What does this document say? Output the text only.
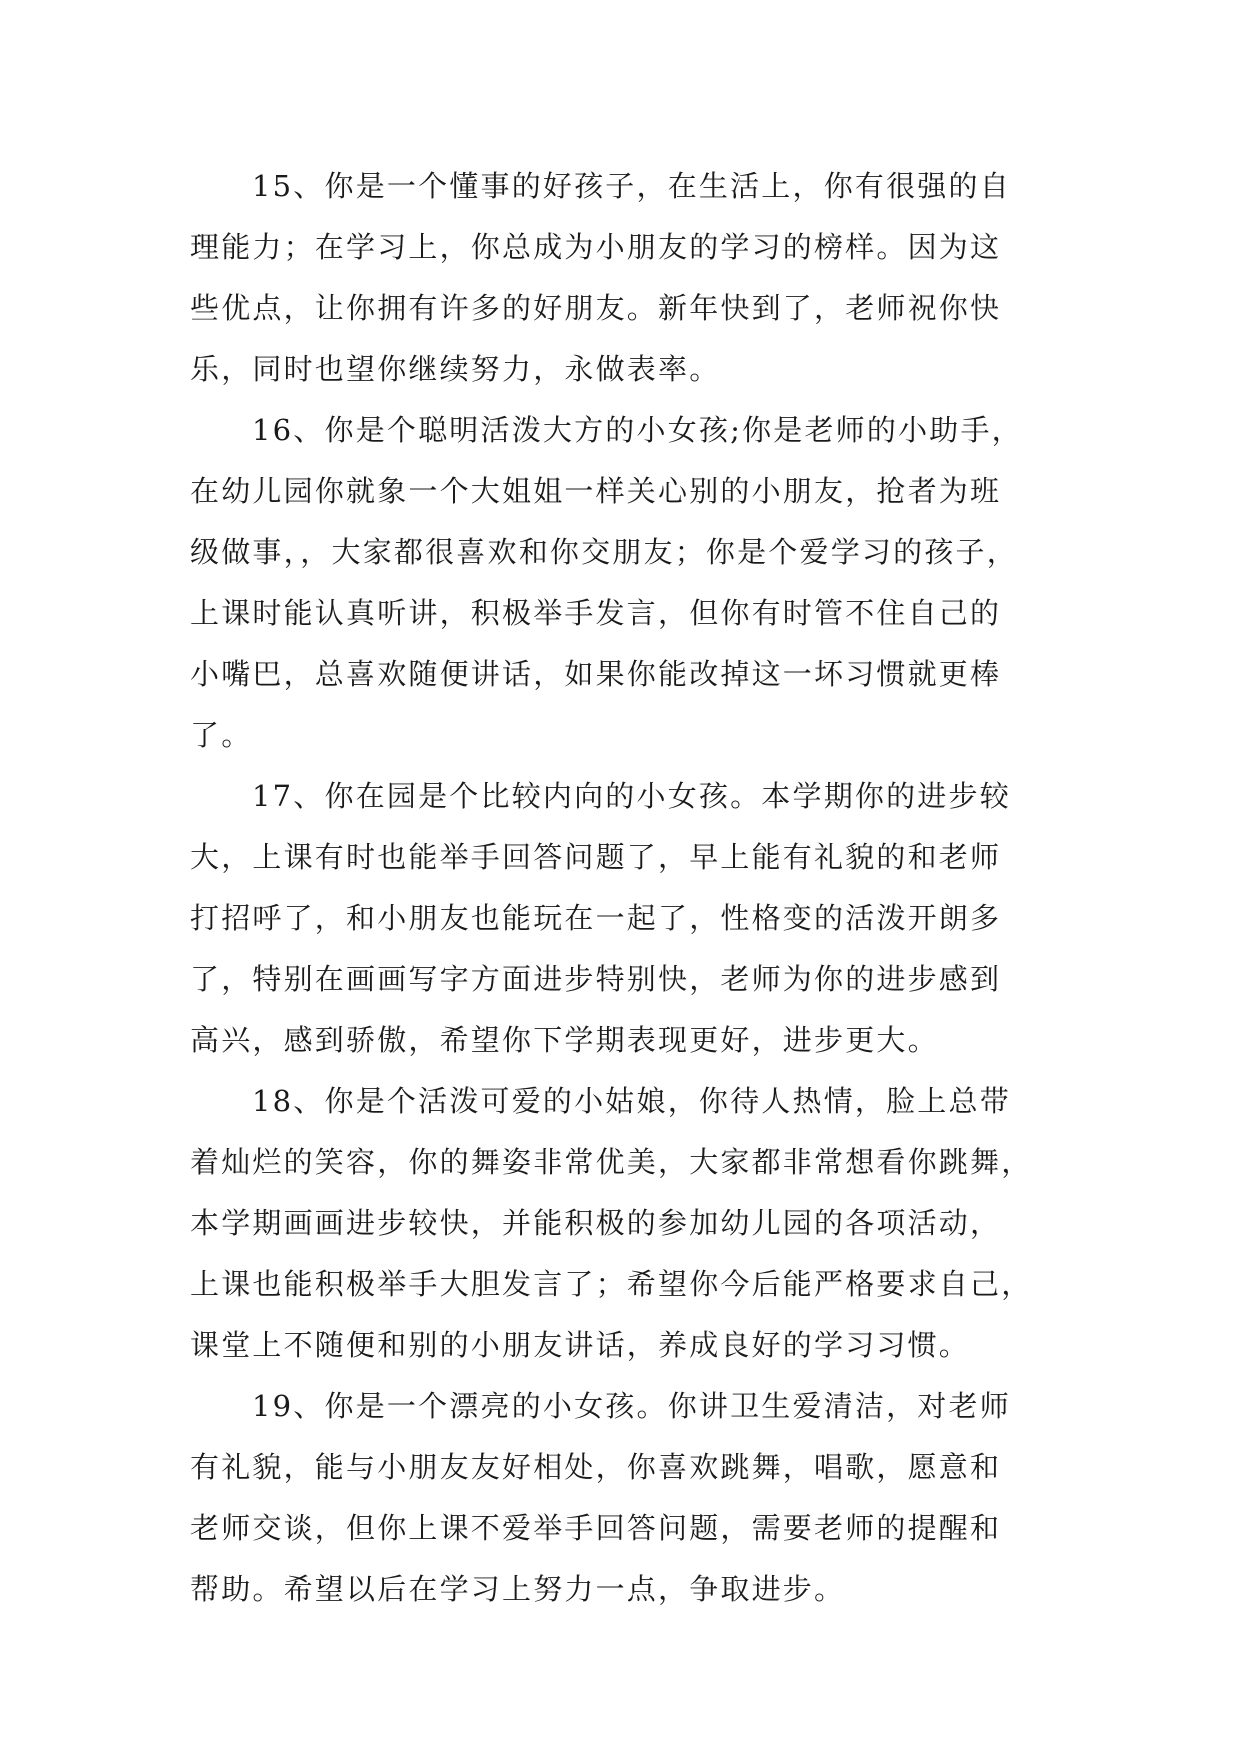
15、你是一个懂事的好孩子，在生活上，你有很强的自
理能力；在学习上，你总成为小朋友的学习的榜样。因为这
些优点，让你拥有许多的好朋友。新年快到了，老师祝你快
乐，同时也望你继续努力，永做表率。
16、你是个聪明活泼大方的小女孩;你是老师的小助手，
在幼儿园你就象一个大姐姐一样关心别的小朋友，抢者为班
级做事，，大家都很喜欢和你交朋友；你是个爱学习的孩子，
上课时能认真听讲，积极举手发言，但你有时管不住自己的
小嘴巴，总喜欢随便讲话，如果你能改掉这一坏习惯就更棒
了。
17、你在园是个比较内向的小女孩。本学期你的进步较
大，上课有时也能举手回答问题了，早上能有礼貌的和老师
打招呼了，和小朋友也能玩在一起了，性格变的活泼开朗多
了，特别在画画写字方面进步特别快，老师为你的进步感到
高兴，感到骄傲，希望你下学期表现更好，进步更大。
18、你是个活泼可爱的小姑娘，你待人热情，脸上总带
着灿烂的笑容，你的舞姿非常优美，大家都非常想看你跳舞，
本学期画画进步较快，并能积极的参加幼儿园的各项活动，
上课也能积极举手大胆发言了；希望你今后能严格要求自己，
课堂上不随便和别的小朋友讲话，养成良好的学习习惯。
19、你是一个漂亮的小女孩。你讲卫生爱清洁，对老师
有礼貌，能与小朋友友好相处，你喜欢跳舞，唱歌，愿意和
老师交谈，但你上课不爱举手回答问题，需要老师的提醒和
帮助。希望以后在学习上努力一点，争取进步。
